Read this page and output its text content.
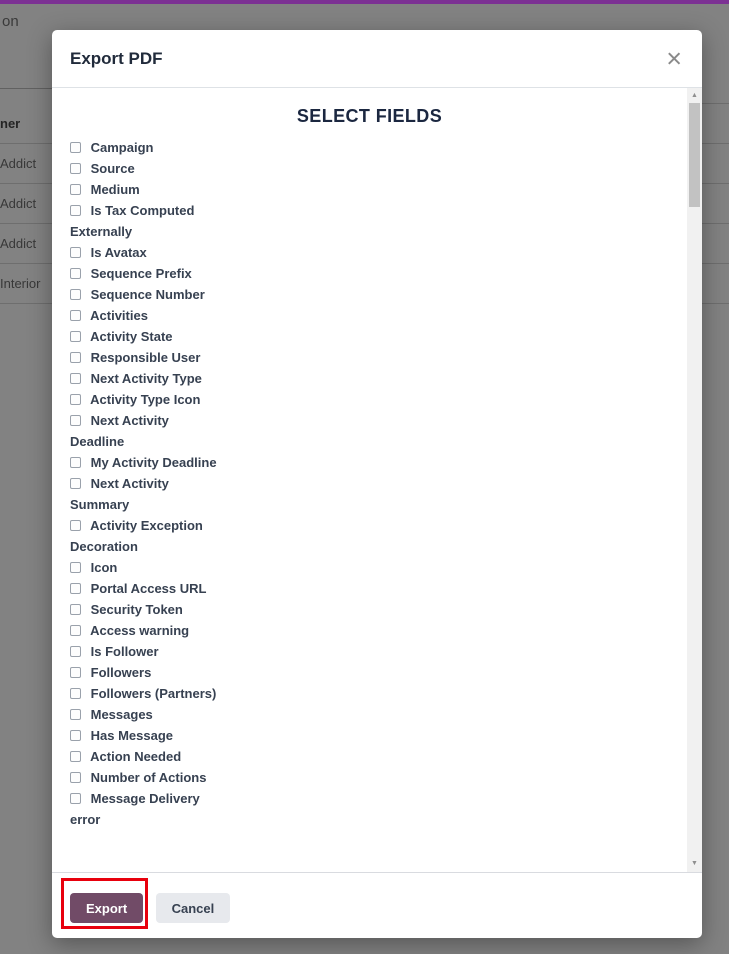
on
ner
Addict
Addict
Addict
Interior
Export PDF	×
SELECT FIELDS
Campaign
Source
Medium
Is Tax Computed Externally
Is Avatax
Sequence Prefix
Sequence Number
Activities
Activity State
Responsible User
Next Activity Type
Activity Type Icon
Next Activity Deadline
My Activity Deadline
Next Activity Summary
Activity Exception Decoration
Icon
Portal Access URL
Security Token
Access warning
Is Follower
Followers
Followers (Partners)
Messages
Has Message
Action Needed
Number of Actions
Message Delivery error
▲
▼
Export	Cancel
